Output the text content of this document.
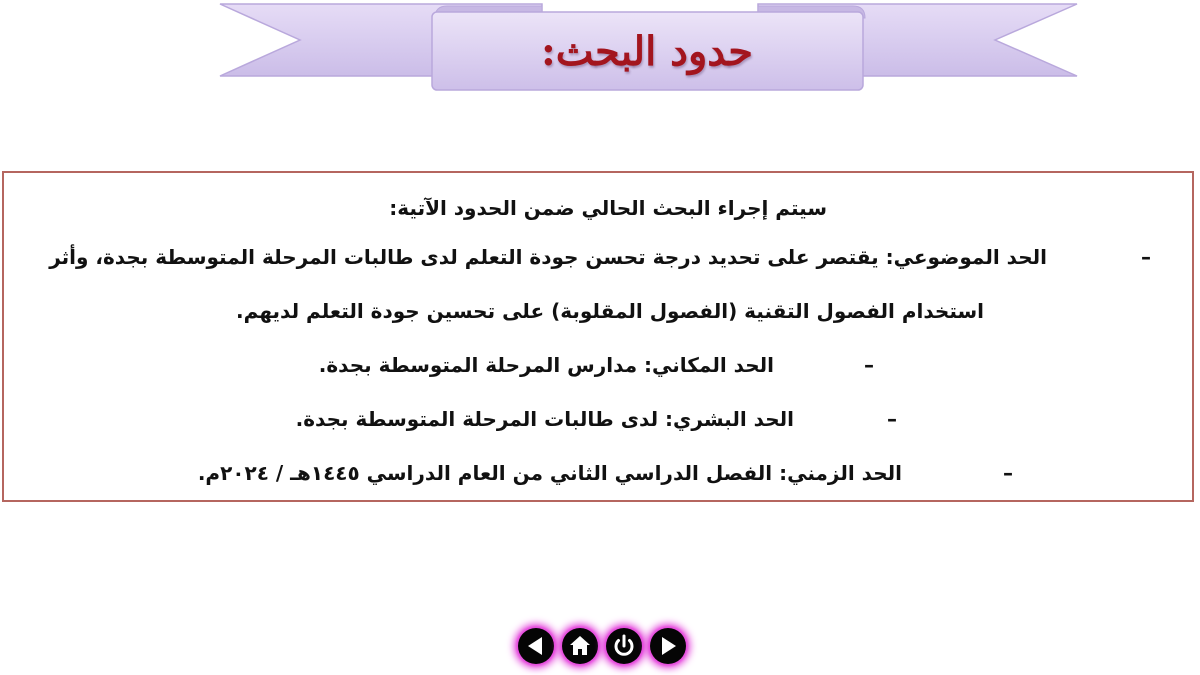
حدود البحث:
سيتم إجراء البحث الحالي ضمن الحدود الآتية:
–
الحد الموضوعي: يقتصر على تحديد درجة تحسن جودة التعلم لدى طالبات المرحلة المتوسطة بجدة، وأثر
استخدام الفصول التقنية (الفصول المقلوبة) على تحسين جودة التعلم لديهم.
–
الحد المكاني: مدارس المرحلة المتوسطة بجدة.
–
الحد البشري: لدى طالبات المرحلة المتوسطة بجدة.
–
الحد الزمني: الفصل الدراسي الثاني من العام الدراسي ١٤٤٥هـ / ٢٠٢٤م.
